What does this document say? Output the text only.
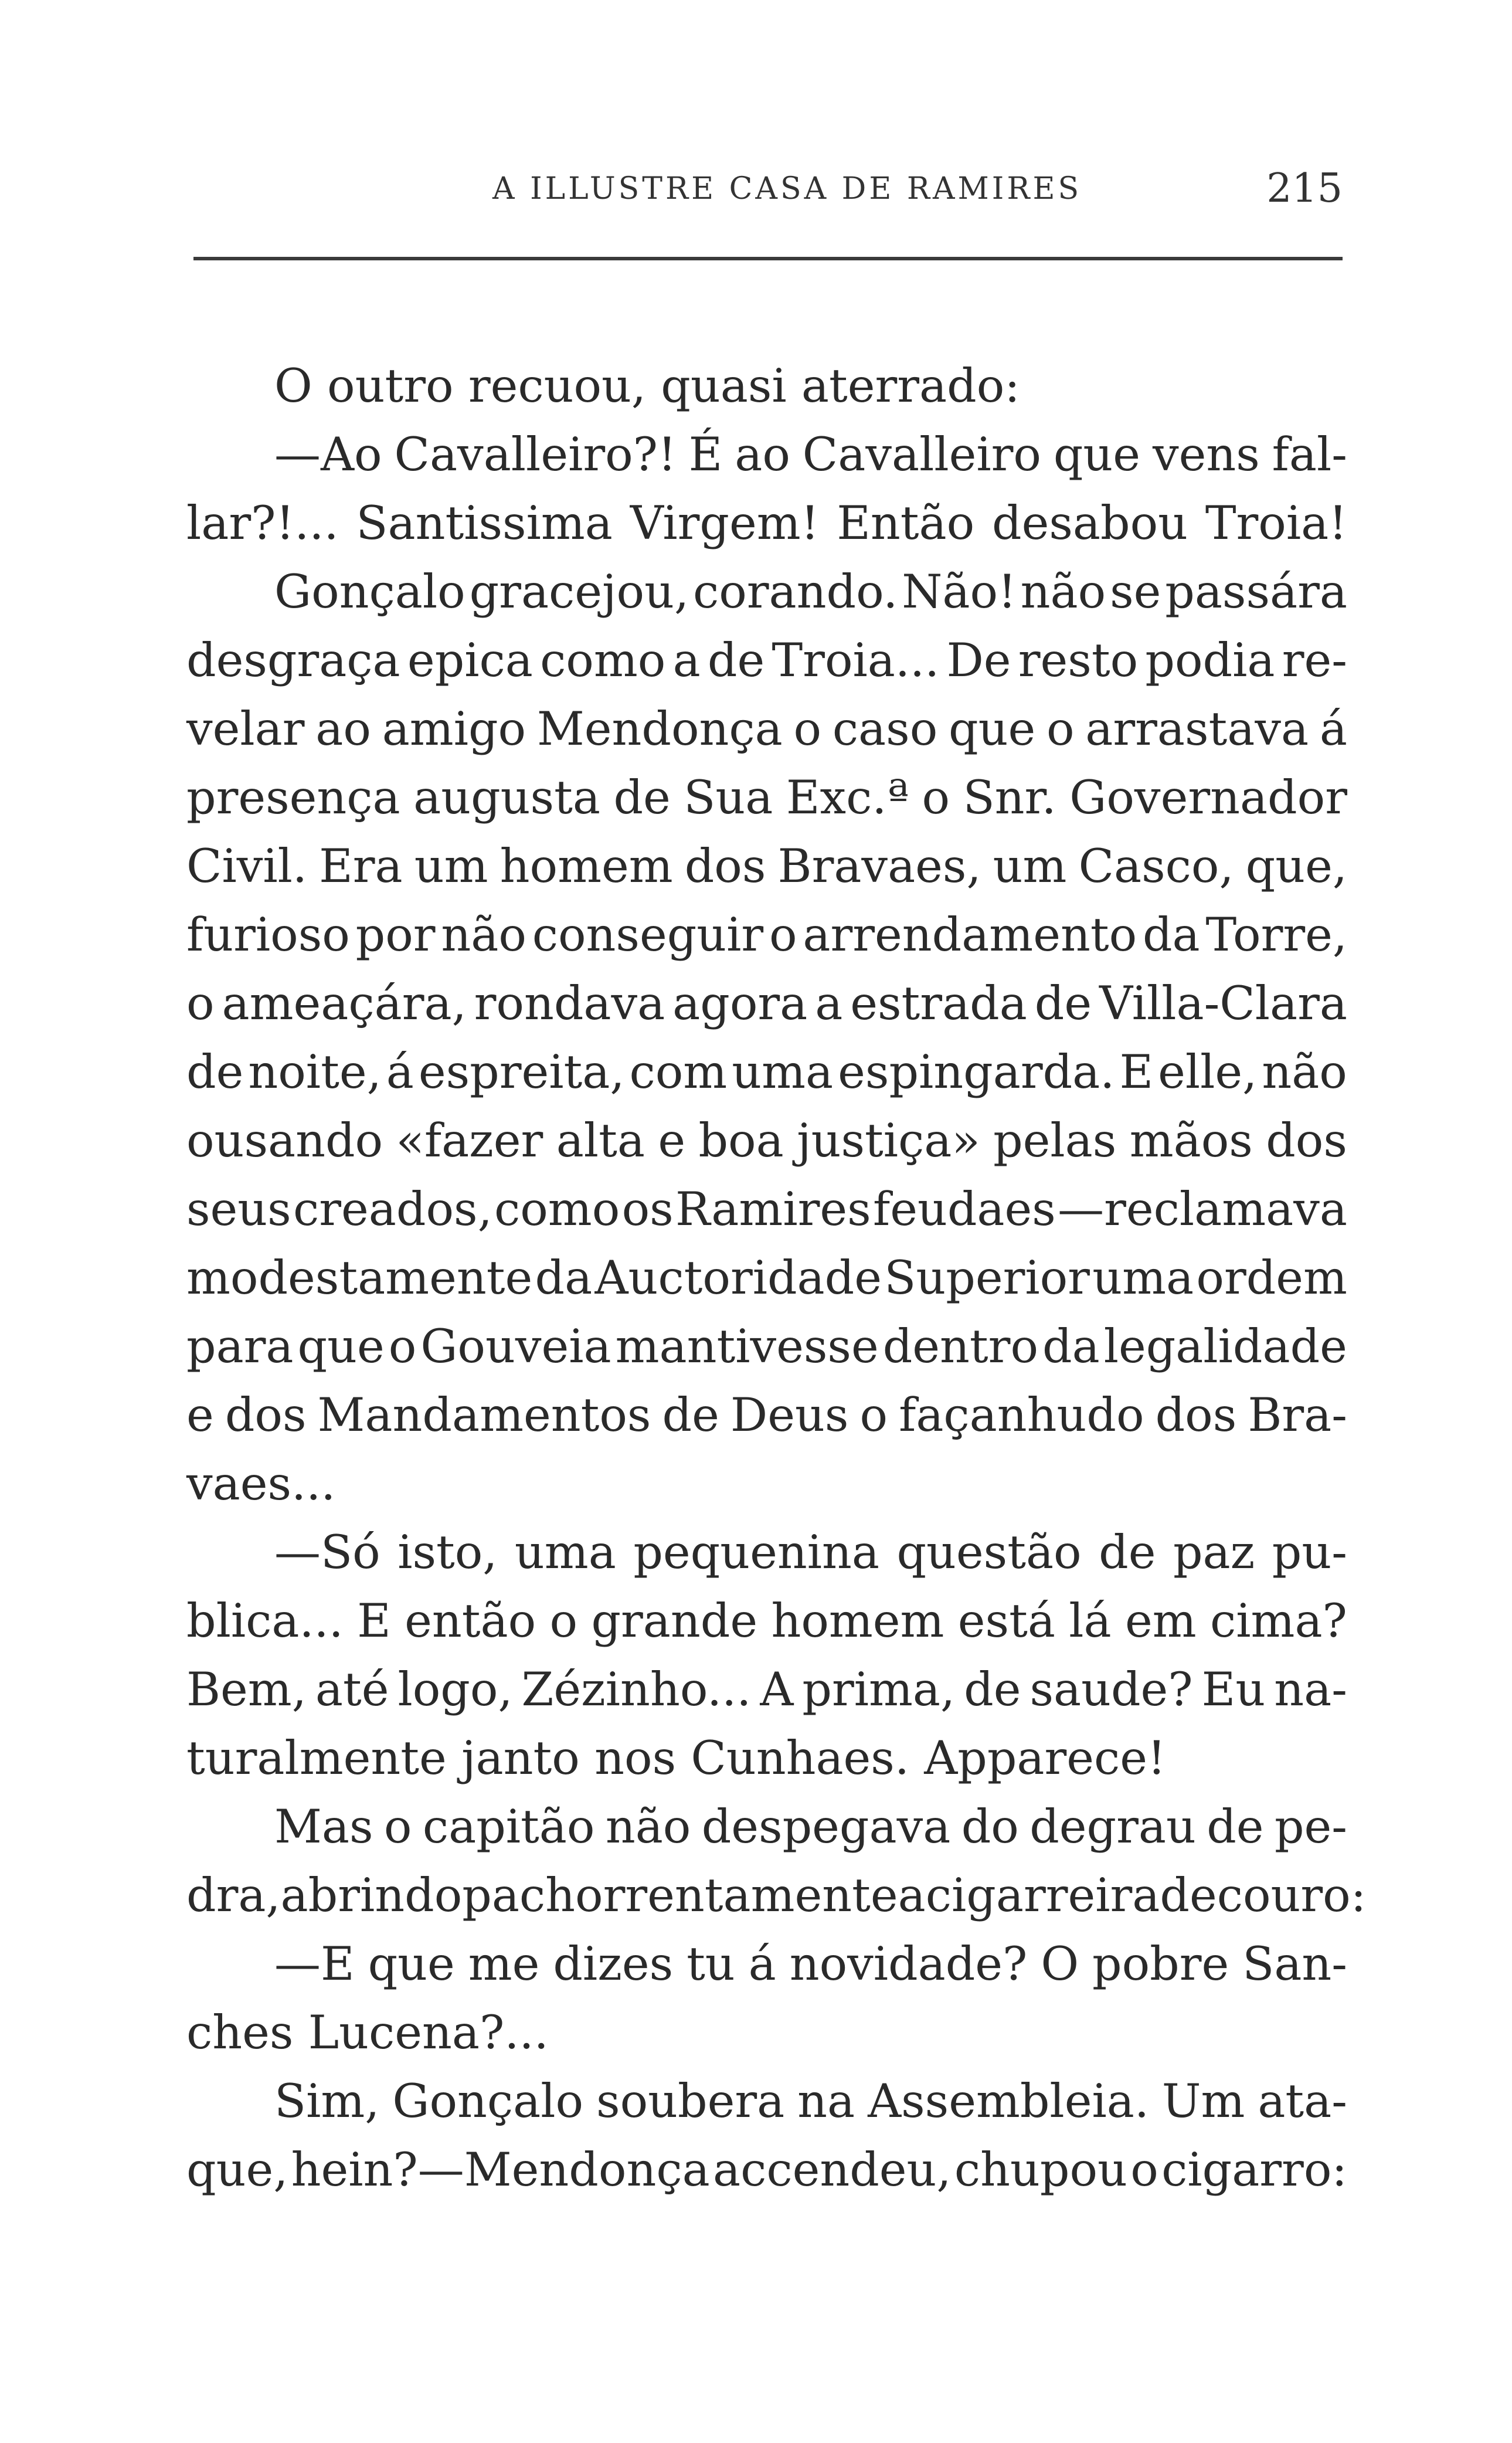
A ILLUSTRE CASA DE RAMIRES	215
O outro recuou, quasi aterrado:
—Ao Cavalleiro?! É ao Cavalleiro que vens fal-
lar?!... Santissima Virgem! Então desabou Troia!
Gonçalo gracejou, corando. Não! não se passára
desgraça epica como a de Troia... De resto podia re-
velar ao amigo Mendonça o caso que o arrastava á
presença augusta de Sua Exc.ª o Snr. Governador
Civil. Era um homem dos Bravaes, um Casco, que,
furioso por não conseguir o arrendamento da Torre,
o ameaçára, rondava agora a estrada de Villa-Clara
de noite, á espreita, com uma espingarda. E elle, não
ousando «fazer alta e boa justiça» pelas mãos dos
seus creados, como os Ramires feudaes —reclamava
modestamente da Auctoridade Superior uma ordem
para que o Gouveia mantivesse dentro da legalidade
e dos Mandamentos de Deus o façanhudo dos Bra-
vaes...
—Só isto, uma pequenina questão de paz pu-
blica... E então o grande homem está lá em cima?
Bem, até logo, Zézinho... A prima, de saude? Eu na-
turalmente janto nos Cunhaes. Apparece!
Mas o capitão não despegava do degrau de pe-
dra, abrindo pachorrentamente a cigarreira de couro:
—E que me dizes tu á novidade? O pobre San-
ches Lucena?...
Sim, Gonçalo soubera na Assembleia. Um ata-
que, hein?—Mendonça accendeu, chupou o cigarro:
